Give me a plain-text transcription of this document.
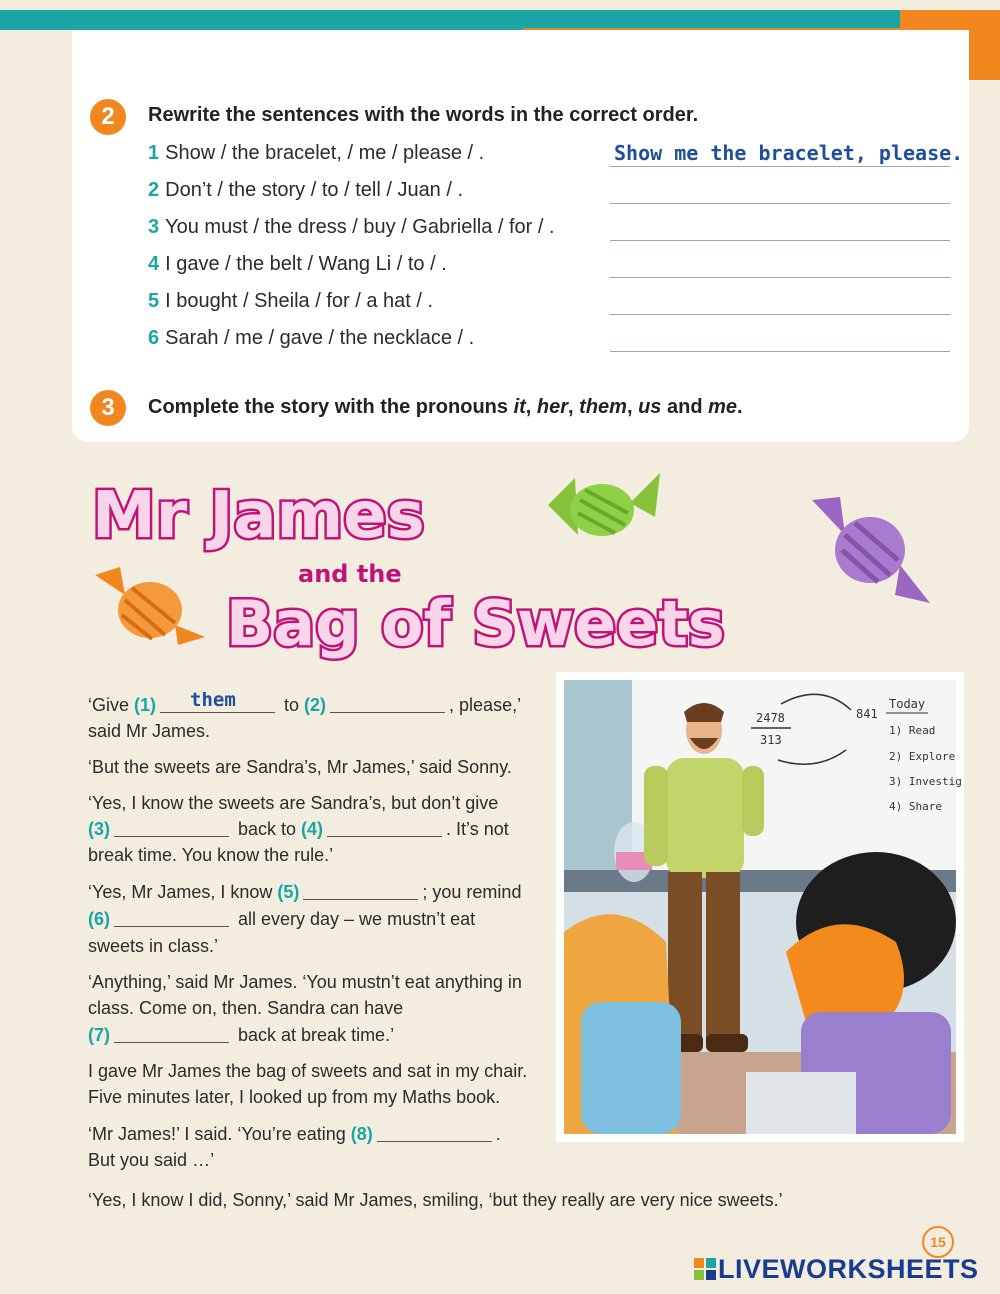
2	Rewrite the sentences with the words in the correct order.
1 Show / the bracelet, / me / please / .	Show me the bracelet, please.
2 Don’t / the story / to / tell / Juan / .
3 You must / the dress / buy / Gabriella / for / .
4 I gave / the belt / Wang Li / to / .
5 I bought / Sheila / for / a hat / .
6 Sarah / me / gave / the necklace / .
3	Complete the story with the pronouns it, her, them, us and me.
Mr James
and the
Bag of Sweets
‘Give (1) them to (2)	, please,’
said Mr James.
‘But the sweets are Sandra’s, Mr James,’ said Sonny.
‘Yes, I know the sweets are Sandra’s, but don’t give
(3)	back to (4)	. It’s not
break time. You know the rule.’
‘Yes, Mr James, I know (5)	; you remind
(6)	all every day – we mustn’t eat
sweets in class.’
‘Anything,’ said Mr James. ‘You mustn’t eat anything in
class. Come on, then. Sandra can have
(7)	back at break time.’
I gave Mr James the bag of sweets and sat in my chair.
Five minutes later, I looked up from my Maths book.
‘Mr James!’ I said. ‘You’re eating (8)	.
But you said …’
‘Yes, I know I did, Sonny,’ said Mr James, smiling, ‘but they really are very nice sweets.’
2478
313
841
Today
1) Read
2) Explore
3) Investig
4) Share
15
LIVEWORKSHEETS
